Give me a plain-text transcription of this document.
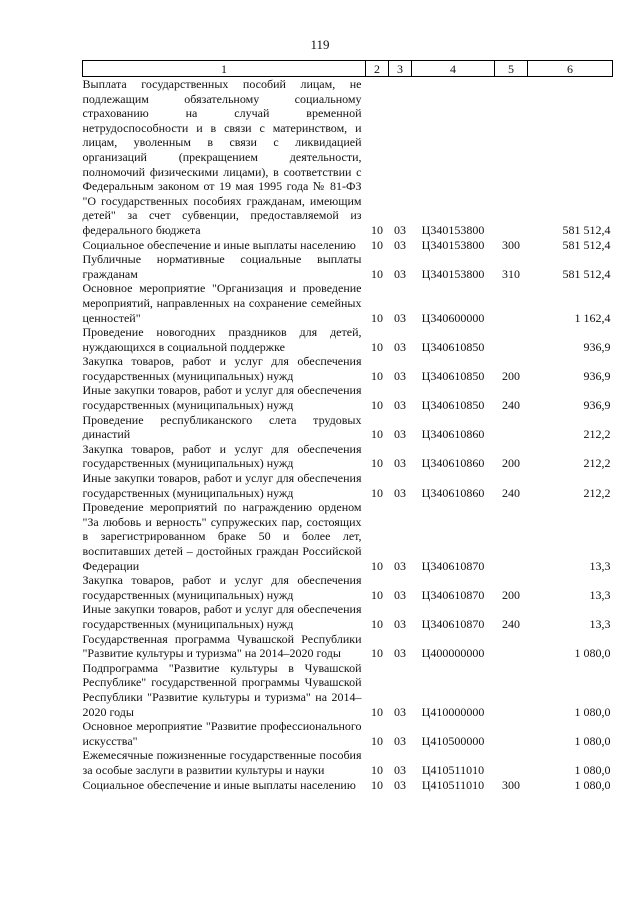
119
1	2	3	4	5	6
Выплата государственных пособий лицам, не подлежащим обязательному социальному страхованию на случай временной нетрудоспособности и в связи с материнством, и лицам, уволенным в связи с ликвидацией организаций (прекращением деятельности, полномочий физическими лицами), в соответствии с Федеральным законом от 19 мая 1995 года № 81-ФЗ "О государственных пособиях гражданам, имеющим детей" за счет субвенции, предоставляемой из федерального бюджета	10	03	Ц340153800		581 512,4
Социальное обеспечение и иные выплаты населению	10	03	Ц340153800	300	581 512,4
Публичные нормативные социальные выплаты гражданам	10	03	Ц340153800	310	581 512,4
Основное мероприятие "Организация и проведение мероприятий, направленных на сохранение семейных ценностей"	10	03	Ц340600000		1 162,4
Проведение новогодних праздников для детей, нуждающихся в социальной поддержке	10	03	Ц340610850		936,9
Закупка товаров, работ и услуг для обеспечения государственных (муниципальных) нужд	10	03	Ц340610850	200	936,9
Иные закупки товаров, работ и услуг для обеспечения государственных (муниципальных) нужд	10	03	Ц340610850	240	936,9
Проведение республиканского слета трудовых династий	10	03	Ц340610860		212,2
Закупка товаров, работ и услуг для обеспечения государственных (муниципальных) нужд	10	03	Ц340610860	200	212,2
Иные закупки товаров, работ и услуг для обеспечения государственных (муниципальных) нужд	10	03	Ц340610860	240	212,2
Проведение мероприятий по награждению орденом "За любовь и верность" супружеских пар, состоящих в зарегистрированном браке 50 и более лет, воспитавших детей – достойных граждан Российской Федерации	10	03	Ц340610870		13,3
Закупка товаров, работ и услуг для обеспечения государственных (муниципальных) нужд	10	03	Ц340610870	200	13,3
Иные закупки товаров, работ и услуг для обеспечения государственных (муниципальных) нужд	10	03	Ц340610870	240	13,3
Государственная программа Чувашской Республики "Развитие культуры и туризма" на 2014–2020 годы	10	03	Ц400000000		1 080,0
Подпрограмма "Развитие культуры в Чувашской Республике" государственной программы Чувашской Республики "Развитие культуры и туризма" на 2014–2020 годы	10	03	Ц410000000		1 080,0
Основное мероприятие "Развитие профессионального искусства"	10	03	Ц410500000		1 080,0
Ежемесячные пожизненные государственные пособия за особые заслуги в развитии культуры и науки	10	03	Ц410511010		1 080,0
Социальное обеспечение и иные выплаты населению	10	03	Ц410511010	300	1 080,0
